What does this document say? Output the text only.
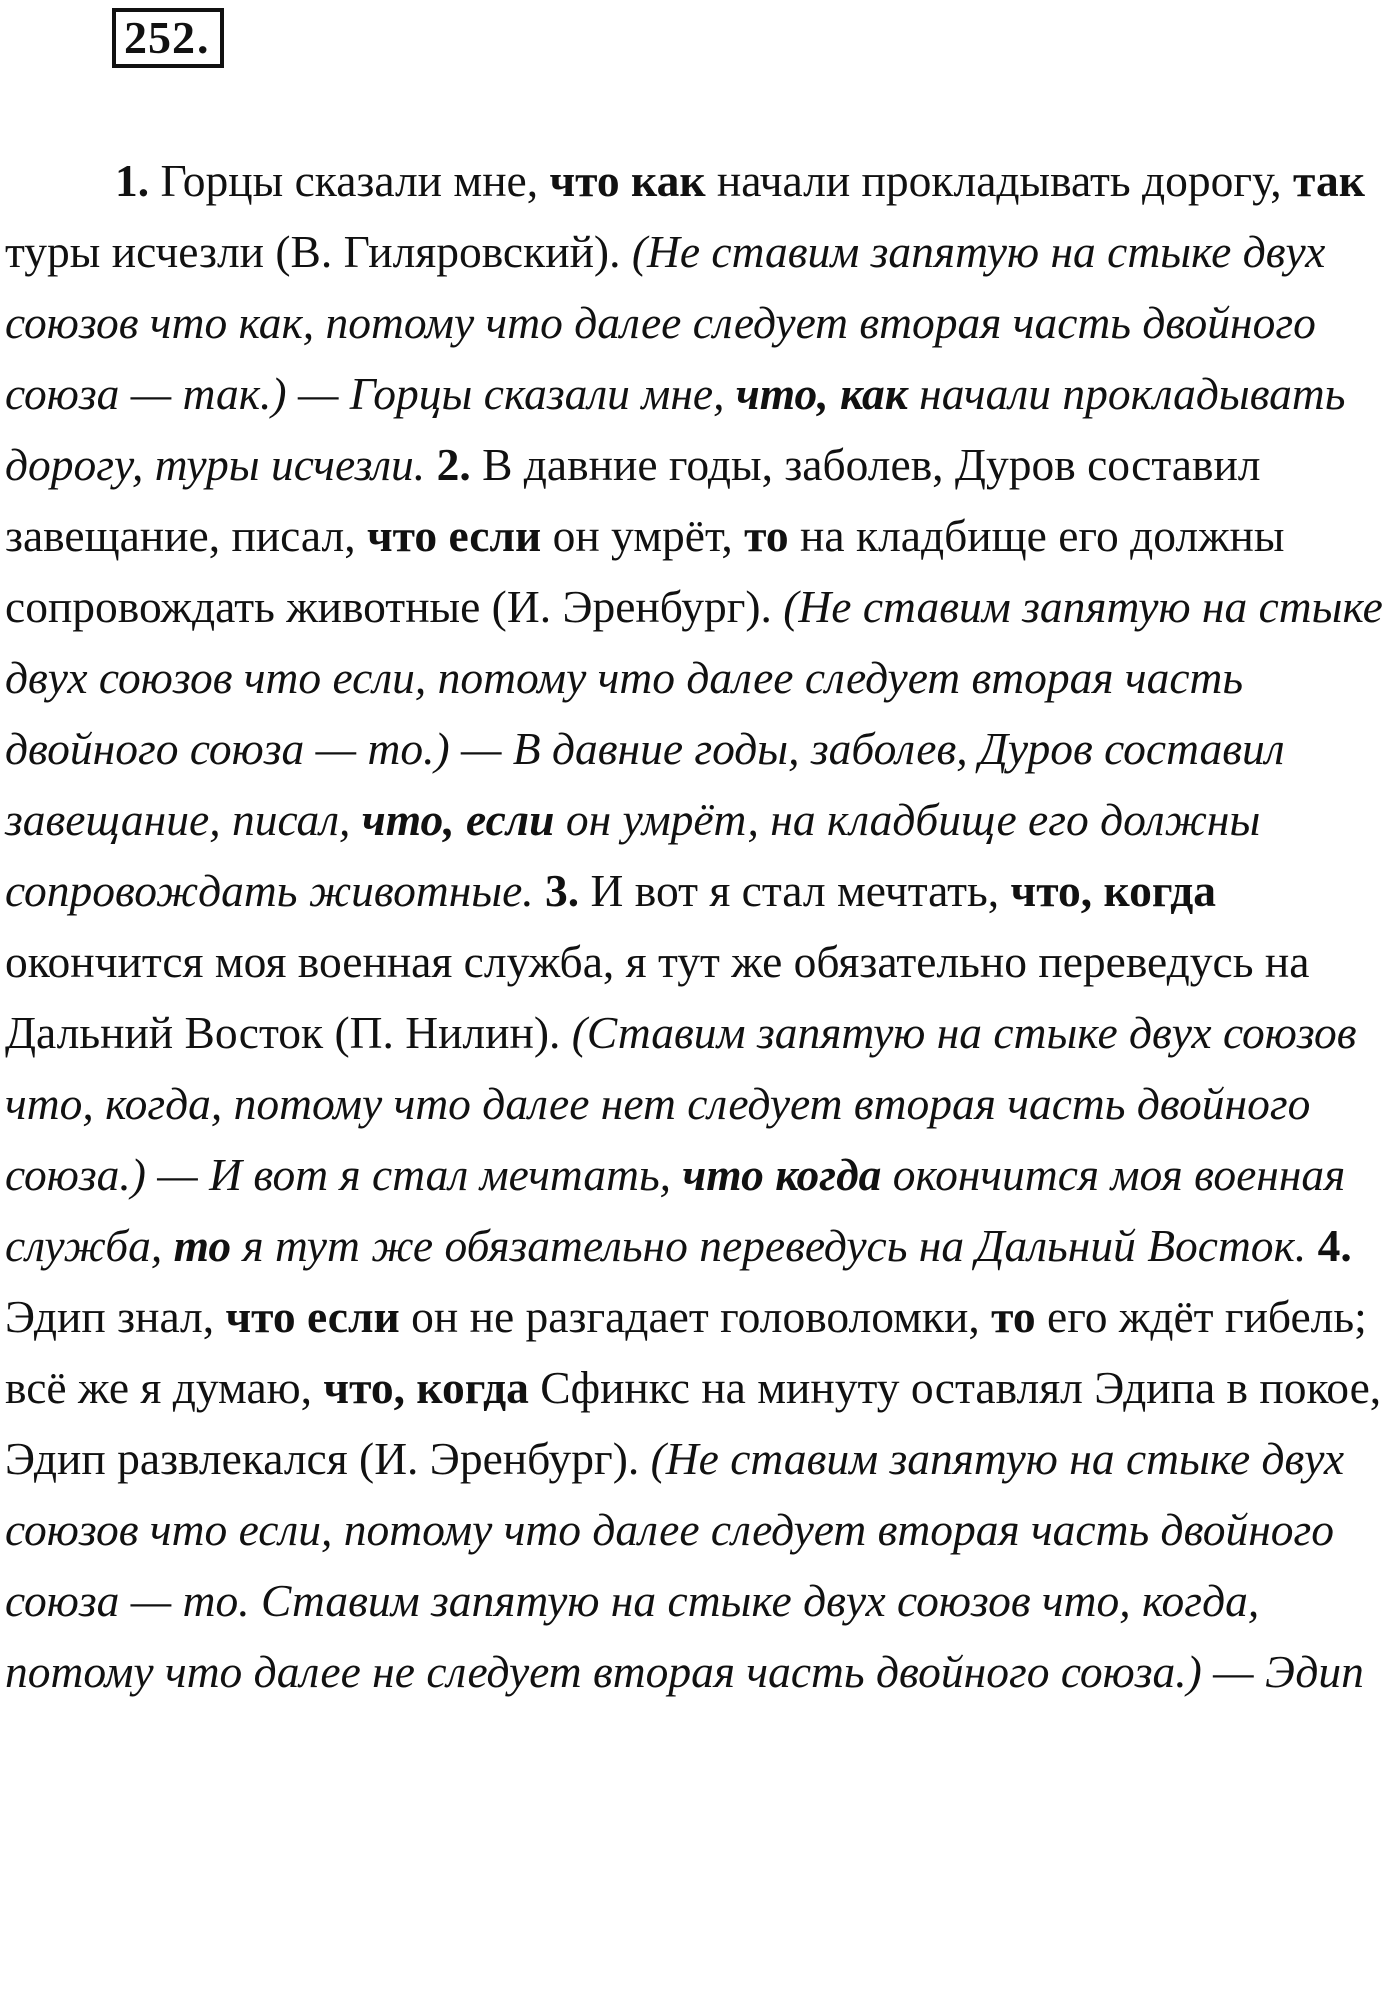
252.

1. Горцы сказали мне, что как начали прокладывать дорогу, так туры исчезли (В. Гиляровский). (Не ставим запятую на стыке двух союзов что как, потому что далее следует вторая часть двойного союза — так.) — Горцы сказали мне, что, как начали прокладывать дорогу, туры исчезли. 2. В давние годы, заболев, Дуров составил завещание, писал, что если он умрёт, то на кладбище его должны сопровождать животные (И. Эренбург). (Не ставим запятую на стыке двух союзов что если, потому что далее следует вторая часть двойного союза — то.) — В давние годы, заболев, Дуров составил завещание, писал, что, если он умрёт, на кладбище его должны сопровождать животные. 3. И вот я стал мечтать, что, когда окончится моя военная служба, я тут же обязательно переведусь на Дальний Восток (П. Нилин). (Ставим запятую на стыке двух союзов что, когда, потому что далее нет следует вторая часть двойного союза.) — И вот я стал мечтать, что когда окончится моя военная служба, то я тут же обязательно переведусь на Дальний Восток. 4. Эдип знал, что если он не разгадает головоломки, то его ждёт гибель; всё же я думаю, что, когда Сфинкс на минуту оставлял Эдипа в покое, Эдип развлекался (И. Эренбург). (Не ставим запятую на стыке двух союзов что если, потому что далее следует вторая часть двойного союза — то. Ставим запятую на стыке двух союзов что, когда, потому что далее не следует вторая часть двойного союза.) — Эдип
